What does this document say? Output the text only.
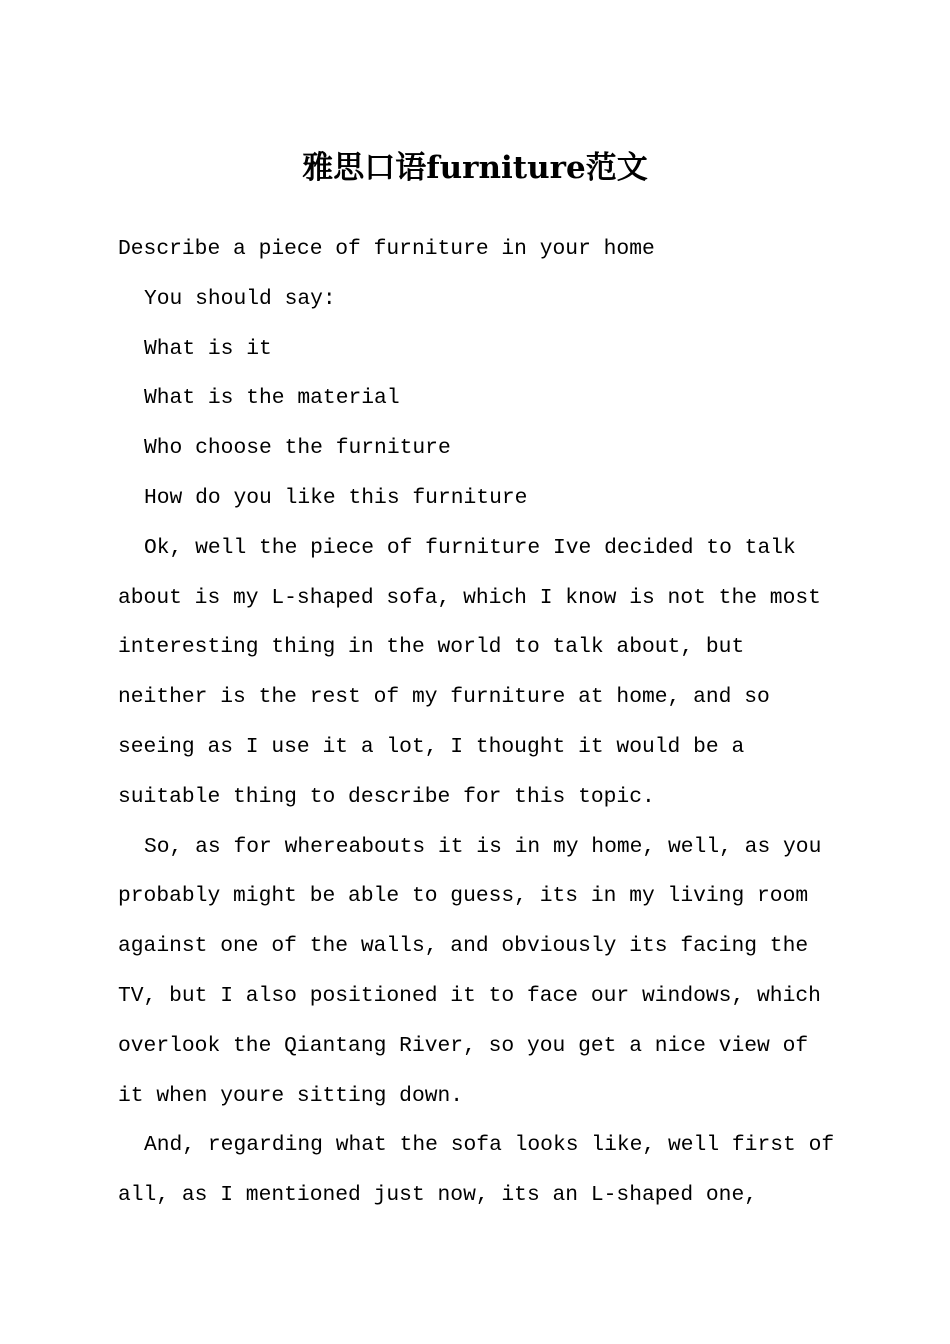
雅思口语furniture范文

Describe a piece of furniture in your home

You should say:

What is it

What is the material

Who choose the furniture

How do you like this furniture

Ok, well the piece of furniture Ive decided to talk

about is my L-shaped sofa, which I know is not the most

interesting thing in the world to talk about, but

neither is the rest of my furniture at home, and so

seeing as I use it a lot, I thought it would be a

suitable thing to describe for this topic.

So, as for whereabouts it is in my home, well, as you

probably might be able to guess, its in my living room

against one of the walls, and obviously its facing the

TV, but I also positioned it to face our windows, which

overlook the Qiantang River, so you get a nice view of

it when youre sitting down.

And, regarding what the sofa looks like, well first of

all, as I mentioned just now, its an L-shaped one,
